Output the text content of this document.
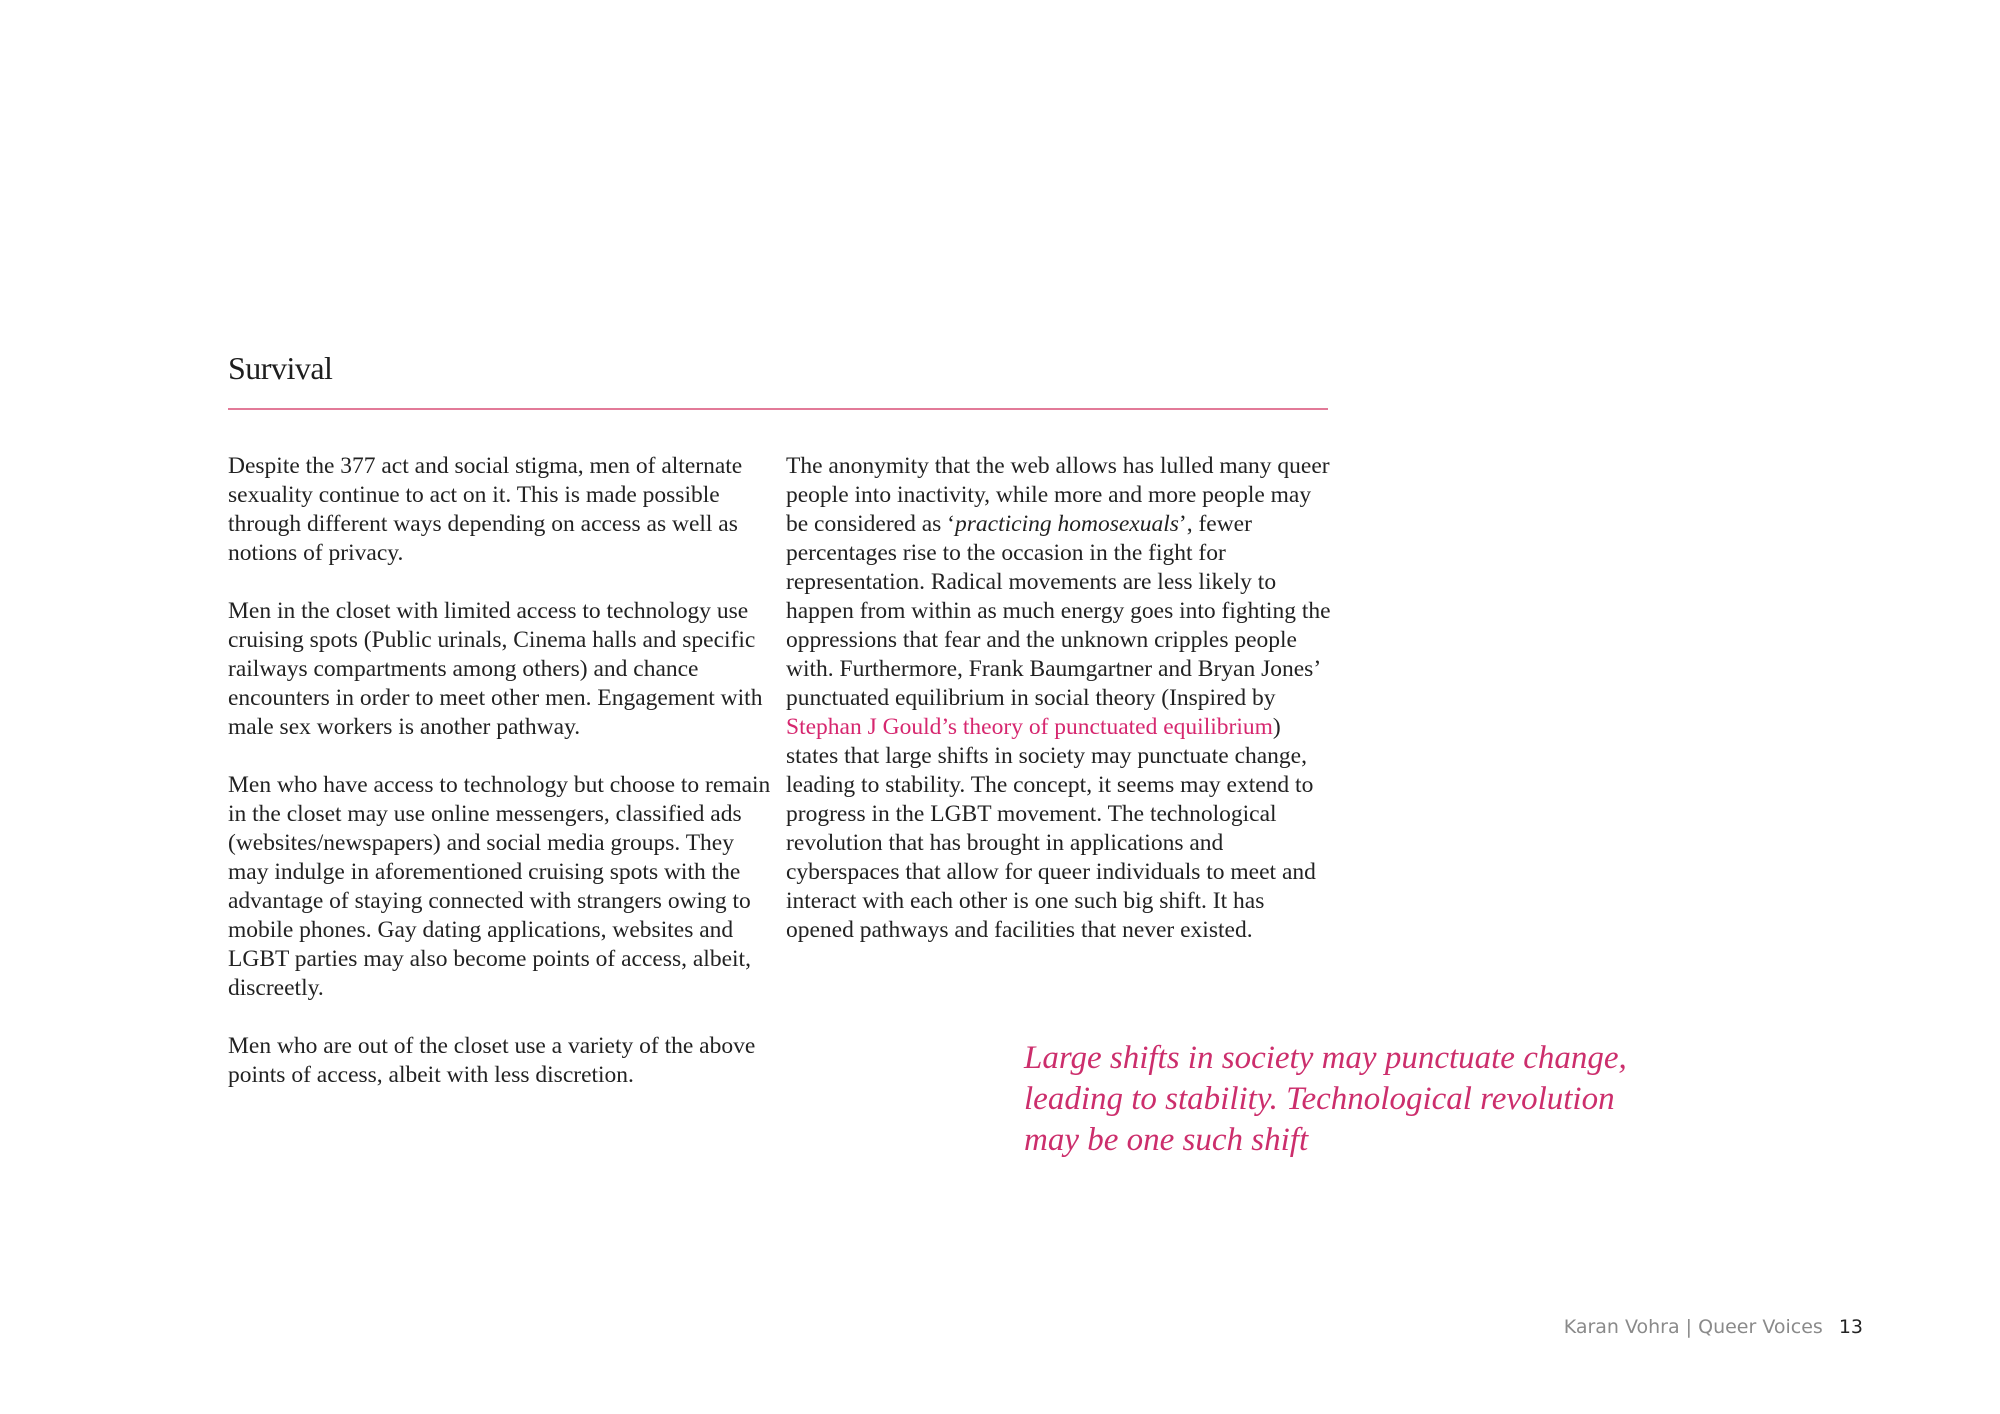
Survival

Despite the 377 act and social stigma, men of alternate sexuality continue to act on it. This is made possible through different ways depending on access as well as notions of privacy.

Men in the closet with limited access to technology use cruising spots (Public urinals, Cinema halls and specific railways compartments among others) and chance encounters in order to meet other men. Engagement with male sex workers is another pathway.

Men who have access to technology but choose to remain in the closet may use online messengers, classified ads (websites/newspapers) and social media groups. They may indulge in aforementioned cruising spots with the advantage of staying connected with strangers owing to mobile phones. Gay dating applications, websites and LGBT parties may also become points of access, albeit, discreetly.

Men who are out of the closet use a variety of the above points of access, albeit with less discretion.

The anonymity that the web allows has lulled many queer people into inactivity, while more and more people may be considered as ‘practicing homosexuals’, fewer percentages rise to the occasion in the fight for representation. Radical movements are less likely to happen from within as much energy goes into fighting the oppressions that fear and the unknown cripples people with. Furthermore, Frank Baumgartner and Bryan Jones’ punctuated equilibrium in social theory (Inspired by Stephan J Gould’s theory of punctuated equilibrium) states that large shifts in society may punctuate change, leading to stability. The concept, it seems may extend to progress in the LGBT movement. The technological revolution that has brought in applications and cyberspaces that allow for queer individuals to meet and interact with each other is one such big shift. It has opened pathways and facilities that never existed.

Large shifts in society may punctuate change, leading to stability. Technological revolution may be one such shift

Karan Vohra | Queer Voices 13
